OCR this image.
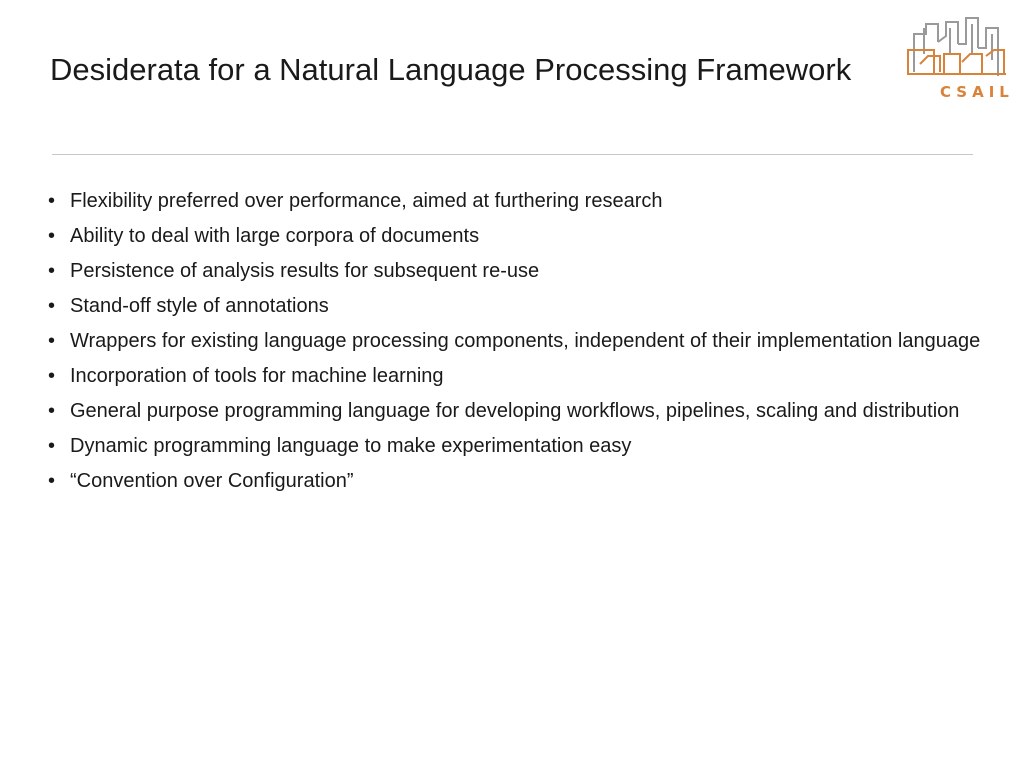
Desiderata for a Natural Language Processing Framework
CSAIL
• Flexibility preferred over performance, aimed at furthering research
• Ability to deal with large corpora of documents
• Persistence of analysis results for subsequent re-use
• Stand-off style of annotations
• Wrappers for existing language processing components, independent of their implementation language
• Incorporation of tools for machine learning
• General purpose programming language for developing workflows, pipelines, scaling and distribution
• Dynamic programming language to make experimentation easy
• “Convention over Configuration”
